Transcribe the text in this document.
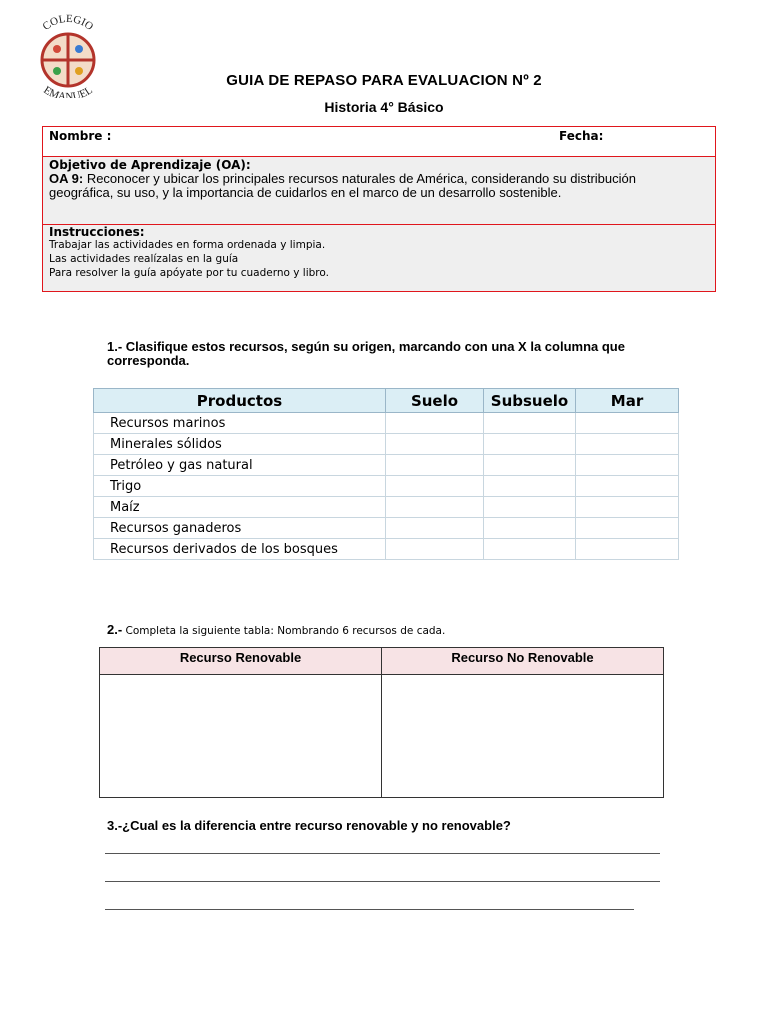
COLEGIO
EMANUEL
GUIA DE REPASO PARA EVALUACION Nº 2
Historia 4° Básico
Nombre :	Fecha:
Objetivo de Aprendizaje (OA):
OA 9: Reconocer y ubicar los principales recursos naturales de América, considerando su distribución geográfica, su uso, y la importancia de cuidarlos en el marco de un desarrollo sostenible.
Instrucciones:
Trabajar las actividades en forma ordenada y limpia.
Las actividades realízalas en la guía
Para resolver la guía apóyate por tu cuaderno y libro.
1.- Clasifique estos recursos, según su origen, marcando con una X la columna que corresponda.
Productos	Suelo	Subsuelo	Mar
Recursos marinos			
Minerales sólidos			
Petróleo y gas natural			
Trigo			
Maíz			
Recursos ganaderos			
Recursos derivados de los bosques			
2.- Completa la siguiente tabla: Nombrando 6 recursos de cada.
Recurso Renovable	Recurso No Renovable

3.-¿Cual es la diferencia entre recurso renovable y no renovable?
